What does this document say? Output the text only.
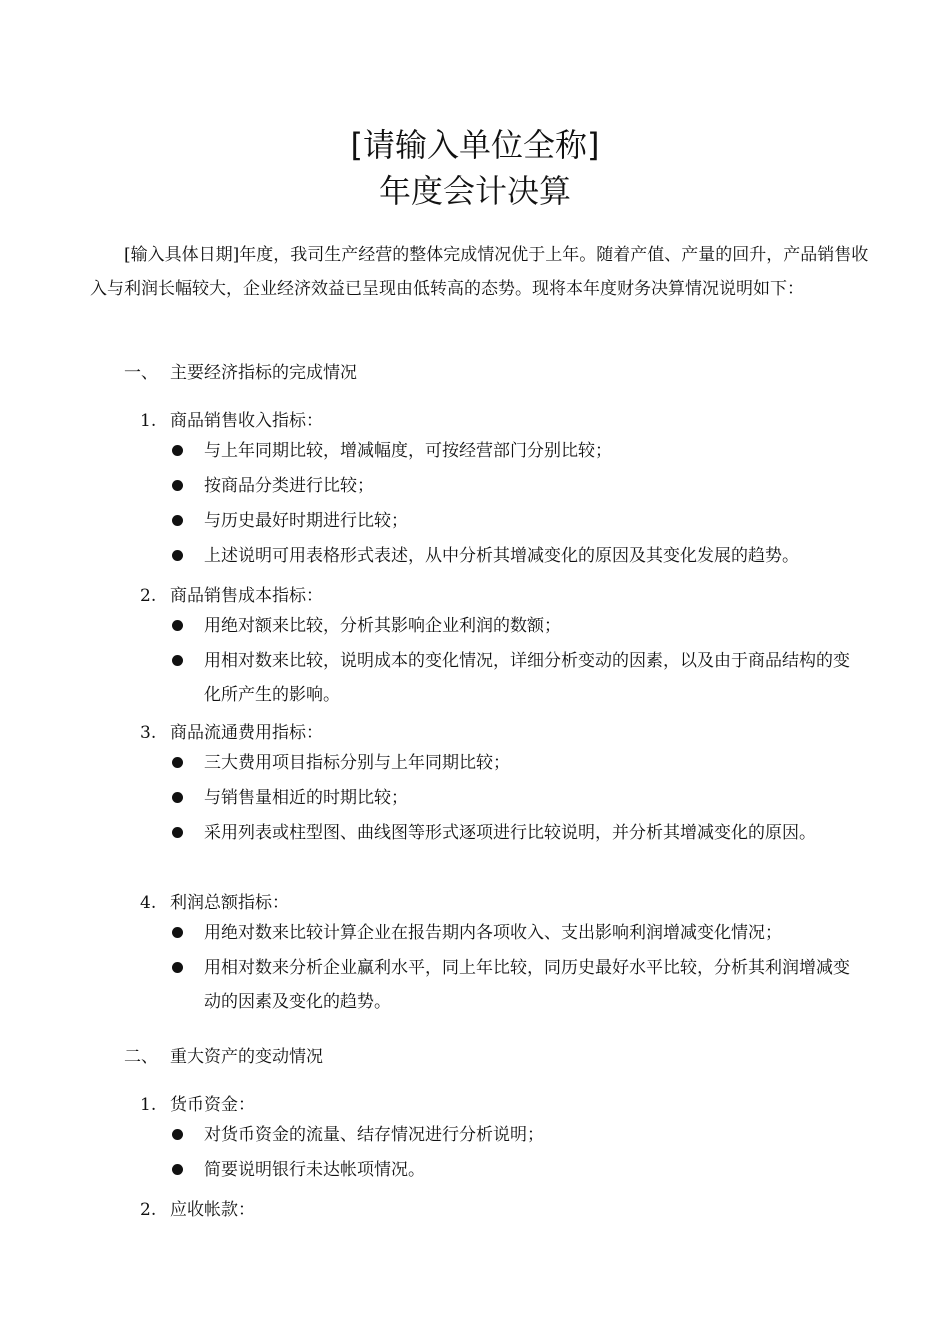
[请输入单位全称]
年度会计决算

[输入具体日期]年度，我司生产经营的整体完成情况优于上年。随着产值、产量的回升，产品销售收入与利润长幅较大，企业经济效益已呈现由低转高的态势。现将本年度财务决算情况说明如下：

一、 主要经济指标的完成情况
1. 商品销售收入指标：
与上年同期比较，增减幅度，可按经营部门分别比较；
按商品分类进行比较；
与历史最好时期进行比较；
上述说明可用表格形式表述，从中分析其增减变化的原因及其变化发展的趋势。
2. 商品销售成本指标：
用绝对额来比较，分析其影响企业利润的数额；
用相对数来比较，说明成本的变化情况，详细分析变动的因素，以及由于商品结构的变化所产生的影响。
3. 商品流通费用指标：
三大费用项目指标分别与上年同期比较；
与销售量相近的时期比较；
采用列表或柱型图、曲线图等形式逐项进行比较说明，并分析其增减变化的原因。
4. 利润总额指标：
用绝对数来比较计算企业在报告期内各项收入、支出影响利润增减变化情况；
用相对数来分析企业赢利水平，同上年比较，同历史最好水平比较，分析其利润增减变动的因素及变化的趋势。
二、 重大资产的变动情况
1. 货币资金：
对货币资金的流量、结存情况进行分析说明；
简要说明银行未达帐项情况。
2. 应收帐款：
